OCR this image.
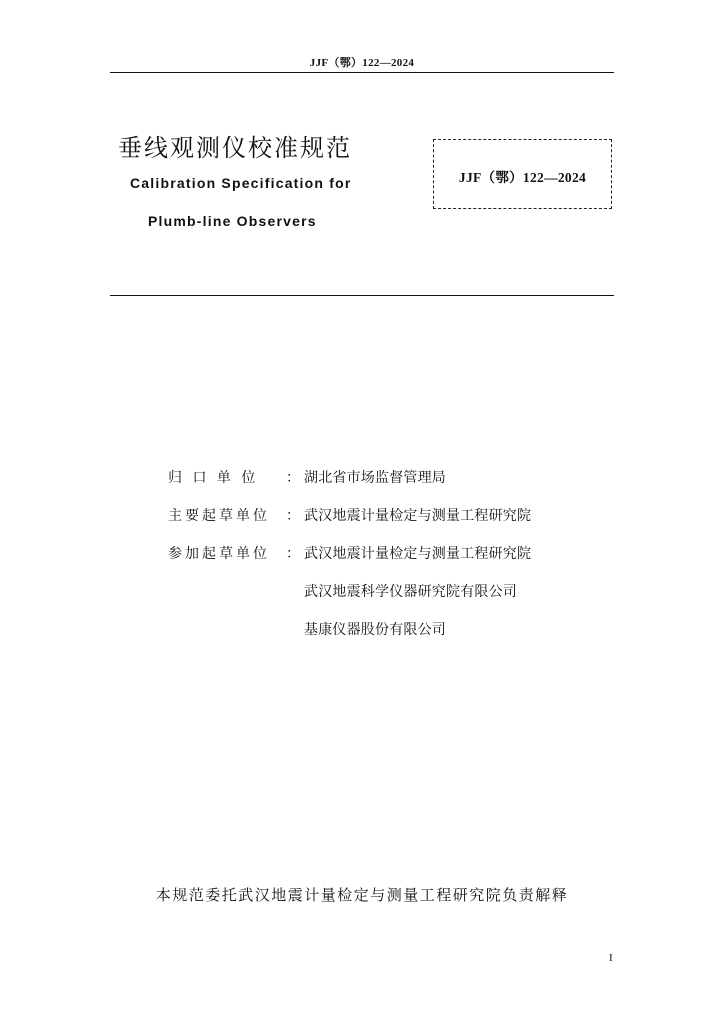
JJF（鄂）122—2024
垂线观测仪校准规范
Calibration Specification for
Plumb-line Observers
JJF（鄂）122—2024
归 口 单 位 ： 湖北省市场监督管理局
主要起草单位 ： 武汉地震计量检定与测量工程研究院
参加起草单位 ： 武汉地震计量检定与测量工程研究院
武汉地震科学仪器研究院有限公司
基康仪器股份有限公司
本规范委托武汉地震计量检定与测量工程研究院负责解释
I
